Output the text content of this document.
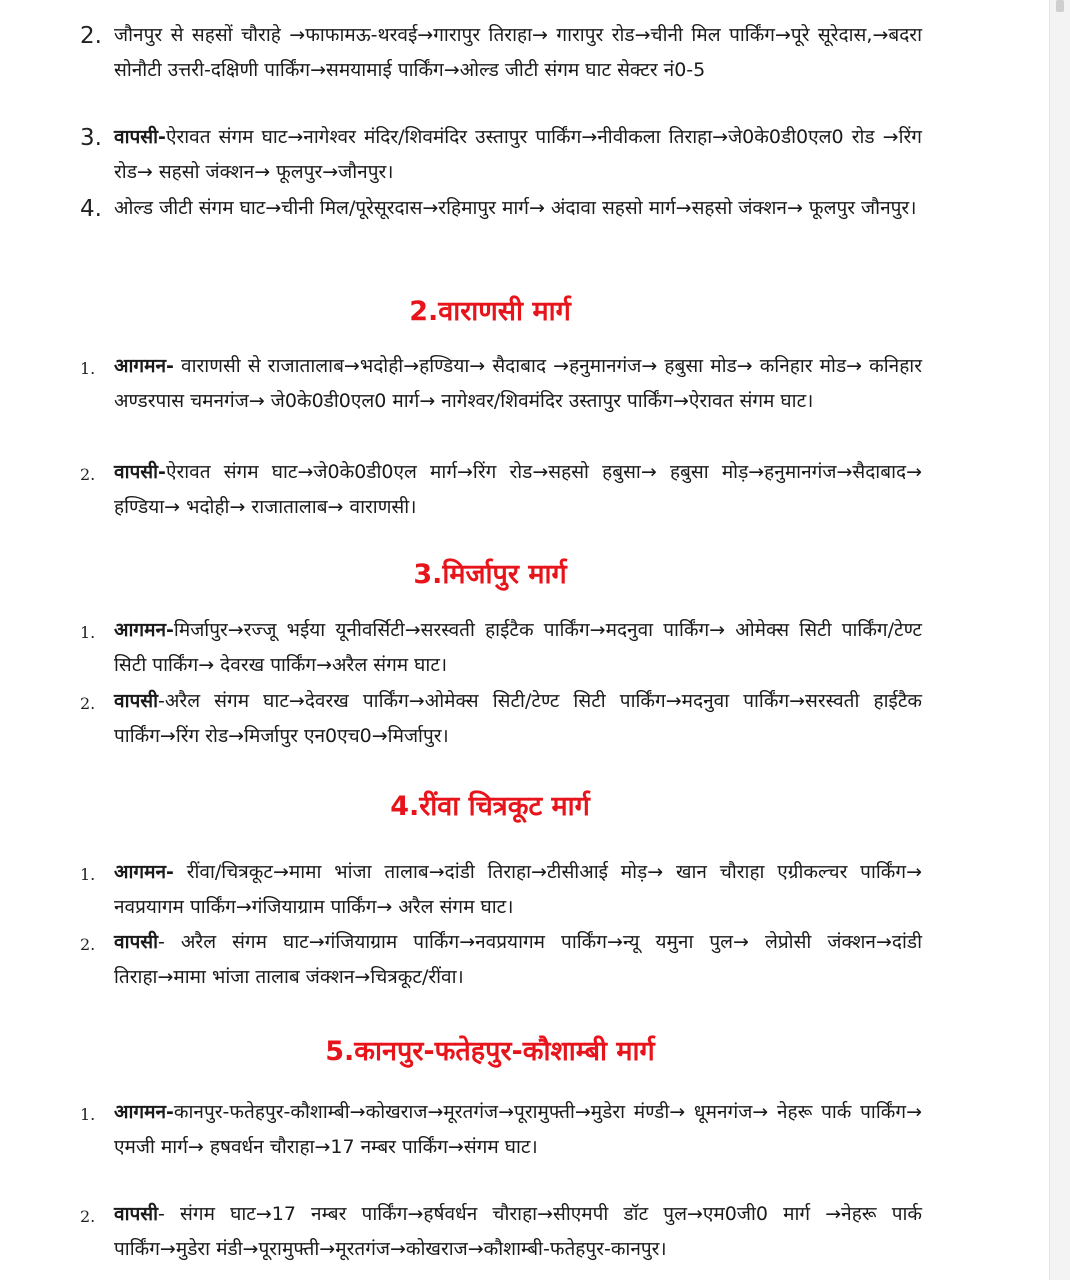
2. जौनपुर से सहसों चौराहे →फाफामऊ-थरवई→गारापुर तिराहा→ गारापुर रोड→चीनी मिल पार्किंग→पूरे सूरेदास,→बदरा सोनौटी उत्तरी-दक्षिणी पार्किंग→समयामाई पार्किंग→ओल्ड जीटी संगम घाट सेक्टर नं0-5
3. वापसी-ऐरावत संगम घाट→नागेश्वर मंदिर/शिवमंदिर उस्तापुर पार्किंग→नीवीकला तिराहा→जे0के0डी0एल0 रोड →रिंग रोड→ सहसो जंक्शन→ फूलपुर→जौनपुर।
4. ओल्ड जीटी संगम घाट→चीनी मिल/पूरेसूरदास→रहिमापुर मार्ग→ अंदावा सहसो मार्ग→सहसो जंक्शन→ फूलपुर जौनपुर।
2.वाराणसी मार्ग
1. आगमन- वाराणसी से राजातालाब→भदोही→हण्डिया→ सैदाबाद →हनुमानगंज→ हबुसा मोड→ कनिहार मोड→ कनिहार अण्डरपास चमनगंज→ जे0के0डी0एल0 मार्ग→ नागेश्वर/शिवमंदिर उस्तापुर पार्किंग→ऐरावत संगम घाट।
2. वापसी-ऐरावत संगम घाट→जे0के0डी0एल मार्ग→रिंग रोड→सहसो हबुसा→ हबुसा मोड़→हनुमानगंज→सैदाबाद→ हण्डिया→ भदोही→ राजातालाब→ वाराणसी।
3.मिर्जापुर मार्ग
1. आगमन-मिर्जापुर→रज्जू भईया यूनीवर्सिटी→सरस्वती हाईटैक पार्किंग→मदनुवा पार्किंग→ ओमेक्स सिटी पार्किंग/टेण्ट सिटी पार्किंग→ देवरख पार्किंग→अरैल संगम घाट।
2. वापसी-अरैल संगम घाट→देवरख पार्किंग→ओमेक्स सिटी/टेण्ट सिटी पार्किंग→मदनुवा पार्किंग→सरस्वती हाईटैक पार्किंग→रिंग रोड→मिर्जापुर एन0एच0→मिर्जापुर।
4.रींवा चित्रकूट मार्ग
1. आगमन- रींवा/चित्रकूट→मामा भांजा तालाब→दांडी तिराहा→टीसीआई मोड़→ खान चौराहा एग्रीकल्चर पार्किंग→ नवप्रयागम पार्किंग→गंजियाग्राम पार्किंग→ अरैल संगम घाट।
2. वापसी- अरैल संगम घाट→गंजियाग्राम पार्किंग→नवप्रयागम पार्किंग→न्यू यमुना पुल→ लेप्रोसी जंक्शन→दांडी तिराहा→मामा भांजा तालाब जंक्शन→चित्रकूट/रींवा।
5.कानपुर-फतेहपुर-कौशाम्बी मार्ग
1. आगमन-कानपुर-फतेहपुर-कौशाम्बी→कोखराज→मूरतगंज→पूरामुफ्ती→मुडेरा मंण्डी→ धूमनगंज→ नेहरू पार्क पार्किंग→ एमजी मार्ग→ हषवर्धन चौराहा→17 नम्बर पार्किंग→संगम घाट।
2. वापसी- संगम घाट→17 नम्बर पार्किंग→हर्षवर्धन चौराहा→सीएमपी डॉट पुल→एम0जी0 मार्ग →नेहरू पार्क पार्किंग→मुडेरा मंडी→पूरामुफ्ती→मूरतगंज→कोखराज→कौशाम्बी-फतेहपुर-कानपुर।
